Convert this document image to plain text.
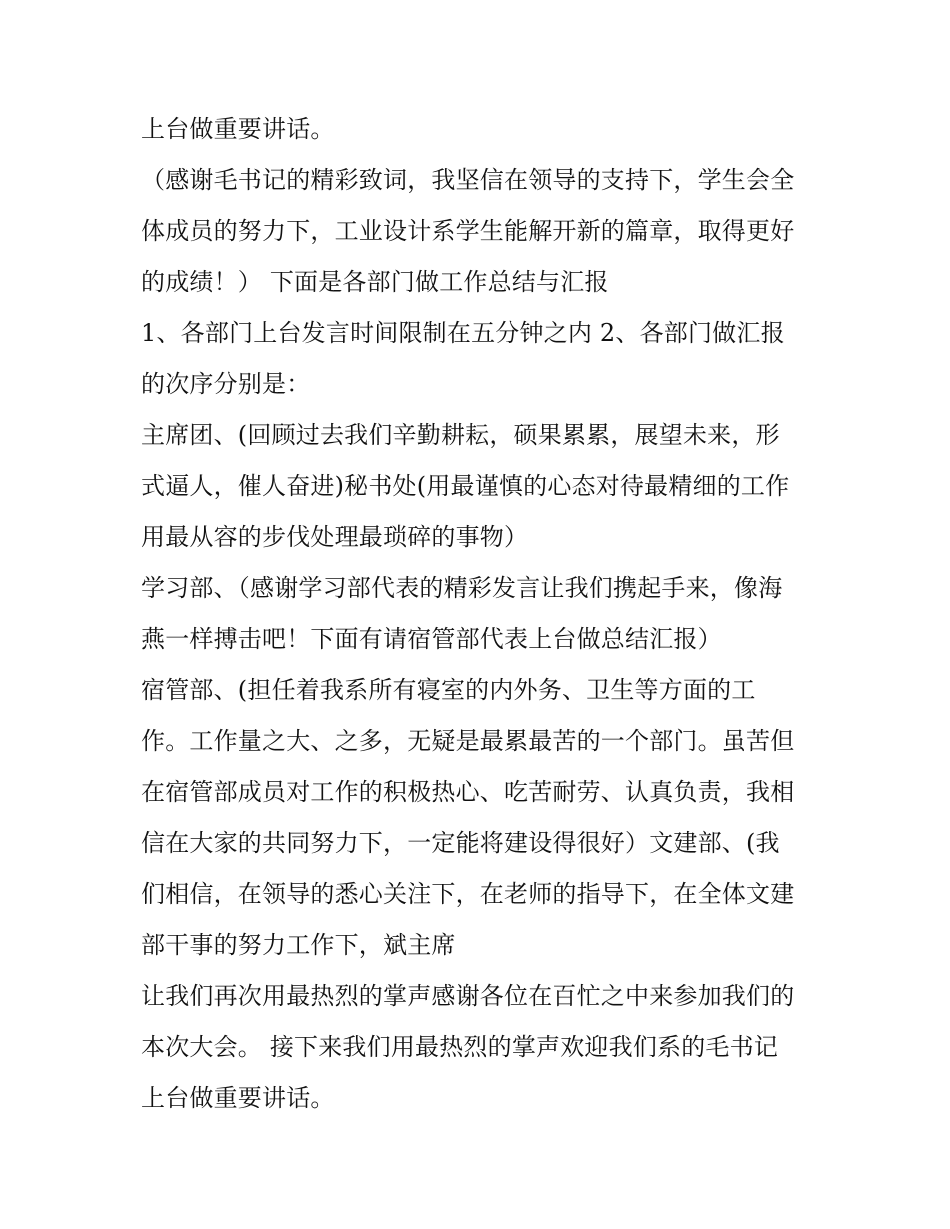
上台做重要讲话。
（感谢毛书记的精彩致词，我坚信在领导的支持下，学生会全
体成员的努力下，工业设计系学生能解开新的篇章，取得更好
的成绩！） 下面是各部门做工作总结与汇报
1、各部门上台发言时间限制在五分钟之内 2、各部门做汇报
的次序分别是：
主席团、(回顾过去我们辛勤耕耘，硕果累累，展望未来，形
式逼人，催人奋进)秘书处(用最谨慎的心态对待最精细的工作
用最从容的步伐处理最琐碎的事物）
学习部、（感谢学习部代表的精彩发言让我们携起手来，像海
燕一样搏击吧！下面有请宿管部代表上台做总结汇报）
宿管部、(担任着我系所有寝室的内外务、卫生等方面的工
作。工作量之大、之多，无疑是最累最苦的一个部门。虽苦但
在宿管部成员对工作的积极热心、吃苦耐劳、认真负责，我相
信在大家的共同努力下，一定能将建设得很好）文建部、(我
们相信，在领导的悉心关注下，在老师的指导下，在全体文建
部干事的努力工作下，斌主席
让我们再次用最热烈的掌声感谢各位在百忙之中来参加我们的
本次大会。 接下来我们用最热烈的掌声欢迎我们系的毛书记
上台做重要讲话。
